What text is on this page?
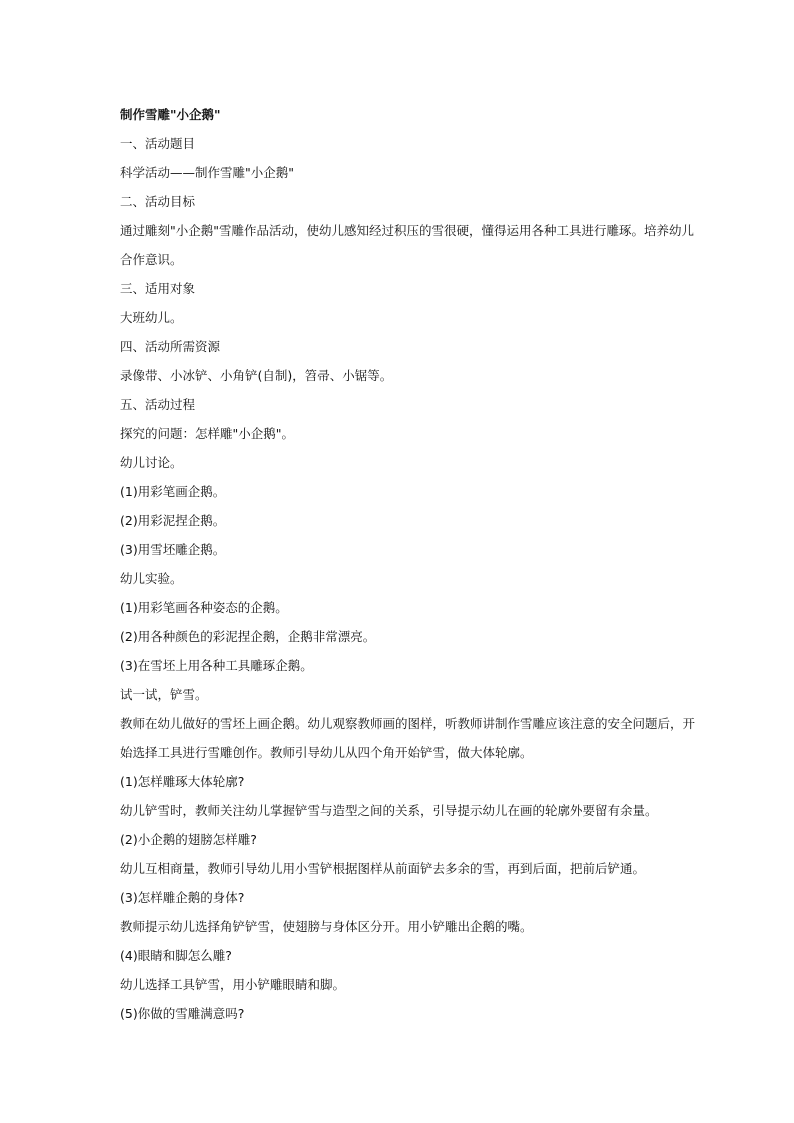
制作雪雕"小企鹅"
一、活动题目
科学活动——制作雪雕"小企鹅"
二、活动目标
通过雕刻"小企鹅"雪雕作品活动，使幼儿感知经过积压的雪很硬，懂得运用各种工具进行雕琢。培养幼儿
合作意识。
三、适用对象
大班幼儿。
四、活动所需资源
录像带、小冰铲、小角铲(自制)，笤帚、小锯等。
五、活动过程
探究的问题：怎样雕"小企鹅"。
幼儿讨论。
(1)用彩笔画企鹅。
(2)用彩泥捏企鹅。
(3)用雪坯雕企鹅。
幼儿实验。
(1)用彩笔画各种姿态的企鹅。
(2)用各种颜色的彩泥捏企鹅，企鹅非常漂亮。
(3)在雪坯上用各种工具雕琢企鹅。
试一试，铲雪。
教师在幼儿做好的雪坯上画企鹅。幼儿观察教师画的图样，听教师讲制作雪雕应该注意的安全问题后，开
始选择工具进行雪雕创作。教师引导幼儿从四个角开始铲雪，做大体轮廓。
(1)怎样雕琢大体轮廓?
幼儿铲雪时，教师关注幼儿掌握铲雪与造型之间的关系，引导提示幼儿在画的轮廓外要留有余量。
(2)小企鹅的翅膀怎样雕?
幼儿互相商量，教师引导幼儿用小雪铲根据图样从前面铲去多余的雪，再到后面，把前后铲通。
(3)怎样雕企鹅的身体?
教师提示幼儿选择角铲铲雪，使翅膀与身体区分开。用小铲雕出企鹅的嘴。
(4)眼睛和脚怎么雕?
幼儿选择工具铲雪，用小铲雕眼睛和脚。
(5)你做的雪雕满意吗?
